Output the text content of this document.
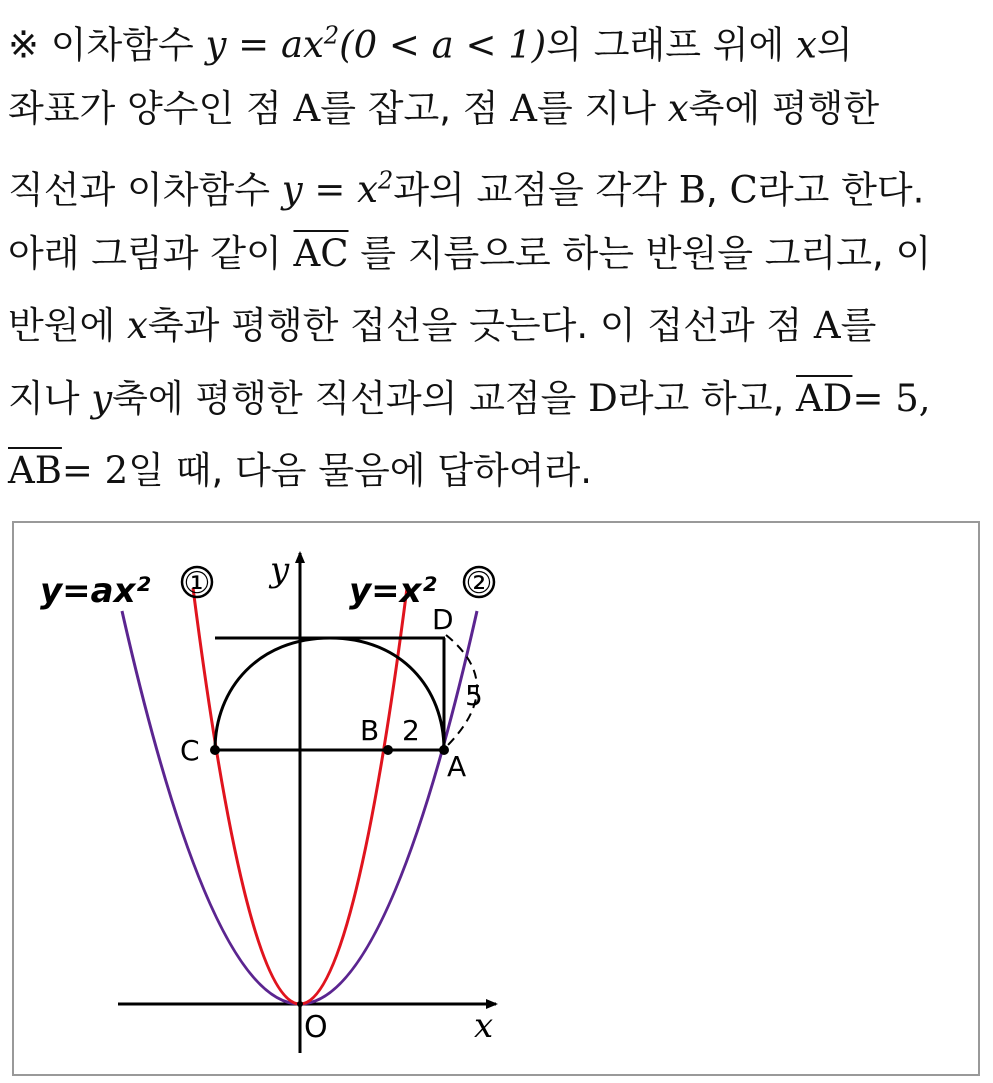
※ 이차함수 $y = ax^2(0 < a < 1)$의 그래프 위에 x의
좌표가 양수인 점 A를 잡고, 점 A를 지나 x축에 평행한
직선과 이차함수 $y = x^2$과의 교점을 각각 B, C라고 한다.
아래 그림과 같이 $\overline{AC}$ 를 지름으로 하는 반원을 그리고, 이
반원에 x축과 평행한 접선을 긋는다. 이 접선과 점 A를
지나 y축에 평행한 직선과의 교점을 D라고 하고, $\overline{AD}= 5$,
$\overline{AB}= 2$일 때, 다음 물음에 답하여라.
y=ax² ① y
y=x² ②
D
5
B 2
C	A
O	x
